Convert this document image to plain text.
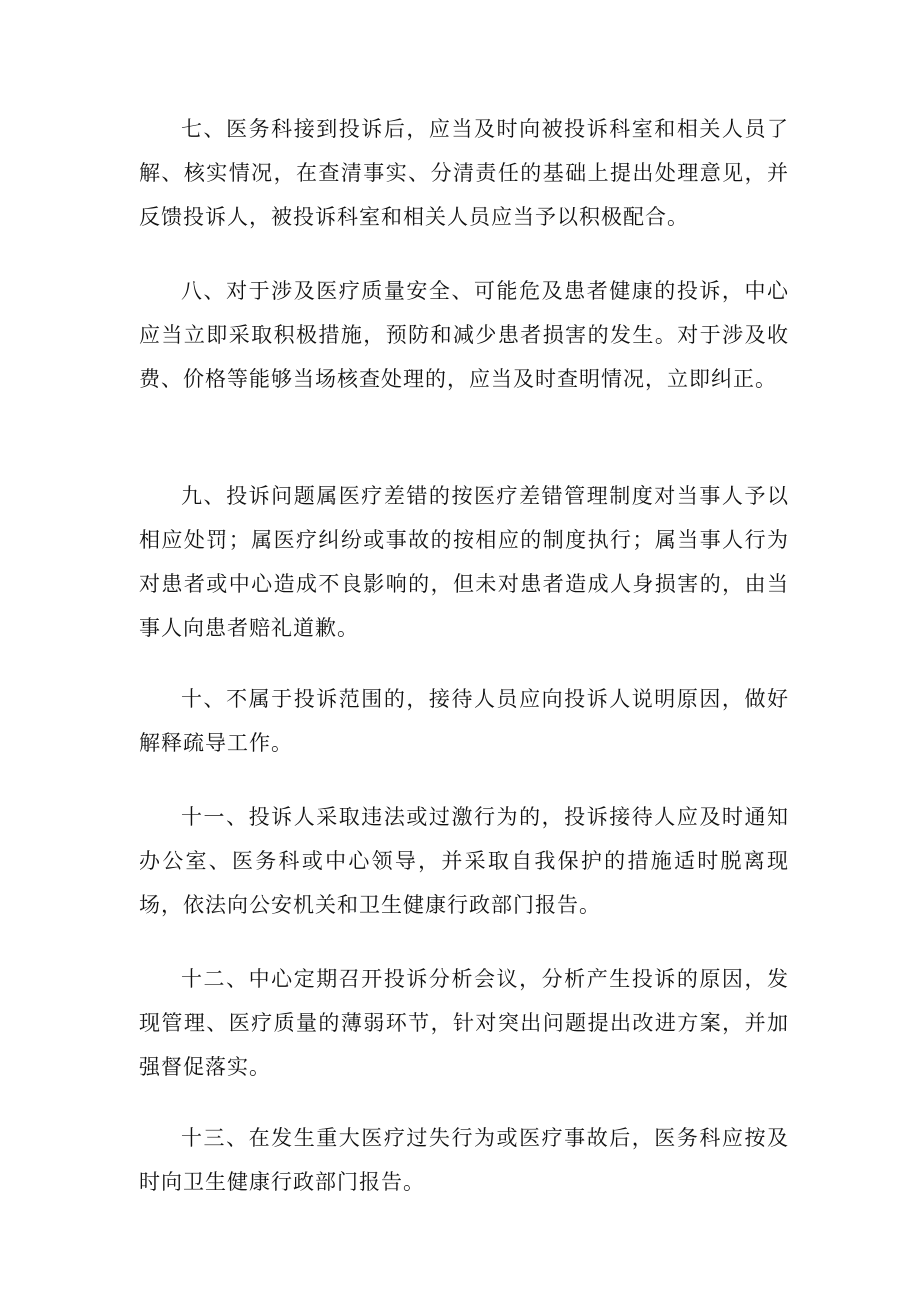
七、医务科接到投诉后，应当及时向被投诉科室和相关人员了解、核实情况，在查清事实、分清责任的基础上提出处理意见，并反馈投诉人，被投诉科室和相关人员应当予以积极配合。

八、对于涉及医疗质量安全、可能危及患者健康的投诉，中心应当立即采取积极措施，预防和减少患者损害的发生。对于涉及收费、价格等能够当场核查处理的，应当及时查明情况，立即纠正。

九、投诉问题属医疗差错的按医疗差错管理制度对当事人予以相应处罚；属医疗纠纷或事故的按相应的制度执行；属当事人行为对患者或中心造成不良影响的，但未对患者造成人身损害的，由当事人向患者赔礼道歉。

十、不属于投诉范围的，接待人员应向投诉人说明原因，做好解释疏导工作。

十一、投诉人采取违法或过激行为的，投诉接待人应及时通知办公室、医务科或中心领导，并采取自我保护的措施适时脱离现场，依法向公安机关和卫生健康行政部门报告。

十二、中心定期召开投诉分析会议，分析产生投诉的原因，发现管理、医疗质量的薄弱环节，针对突出问题提出改进方案，并加强督促落实。

十三、在发生重大医疗过失行为或医疗事故后，医务科应按及时向卫生健康行政部门报告。
